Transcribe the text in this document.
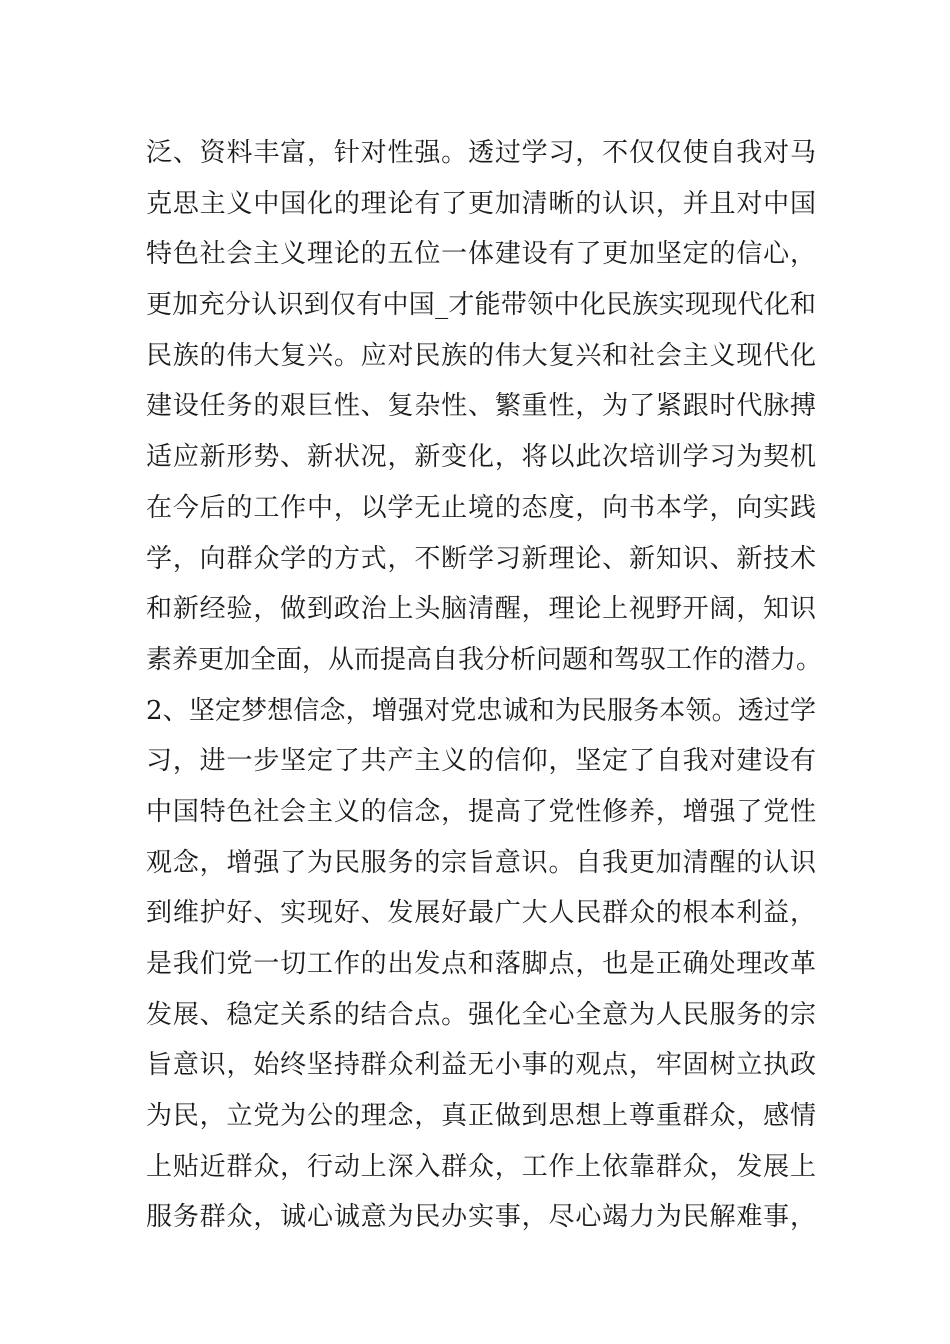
泛、资料丰富，针对性强。透过学习，不仅仅使自我对马
克思主义中国化的理论有了更加清晰的认识，并且对中国
特色社会主义理论的五位一体建设有了更加坚定的信心，
更加充分认识到仅有中国_才能带领中化民族实现现代化和
民族的伟大复兴。应对民族的伟大复兴和社会主义现代化
建设任务的艰巨性、复杂性、繁重性，为了紧跟时代脉搏
适应新形势、新状况，新变化，将以此次培训学习为契机
在今后的工作中，以学无止境的态度，向书本学，向实践
学，向群众学的方式，不断学习新理论、新知识、新技术
和新经验，做到政治上头脑清醒，理论上视野开阔，知识
素养更加全面，从而提高自我分析问题和驾驭工作的潜力。
2、坚定梦想信念，增强对党忠诚和为民服务本领。透过学
习，进一步坚定了共产主义的信仰，坚定了自我对建设有
中国特色社会主义的信念，提高了党性修养，增强了党性
观念，增强了为民服务的宗旨意识。自我更加清醒的认识
到维护好、实现好、发展好最广大人民群众的根本利益，
是我们党一切工作的出发点和落脚点，也是正确处理改革
发展、稳定关系的结合点。强化全心全意为人民服务的宗
旨意识，始终坚持群众利益无小事的观点，牢固树立执政
为民，立党为公的理念，真正做到思想上尊重群众，感情
上贴近群众，行动上深入群众，工作上依靠群众，发展上
服务群众，诚心诚意为民办实事，尽心竭力为民解难事，
